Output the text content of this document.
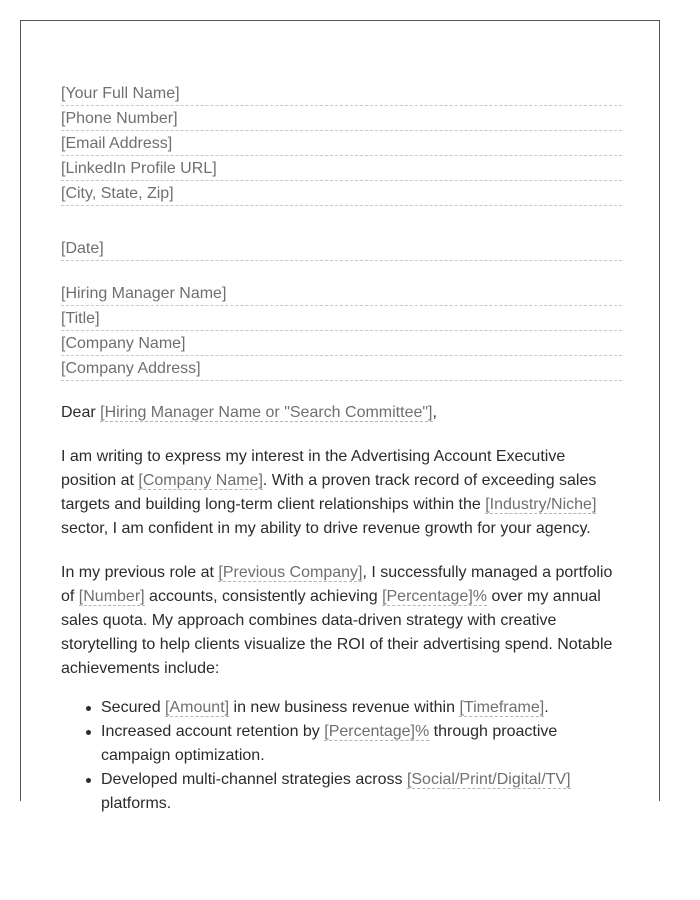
[Your Full Name]
[Phone Number]
[Email Address]
[LinkedIn Profile URL]
[City, State, Zip]
[Date]
[Hiring Manager Name]
[Title]
[Company Name]
[Company Address]

Dear [Hiring Manager Name or "Search Committee"],

I am writing to express my interest in the Advertising Account Executive position at [Company Name]. With a proven track record of exceeding sales targets and building long-term client relationships within the [Industry/Niche] sector, I am confident in my ability to drive revenue growth for your agency.

In my previous role at [Previous Company], I successfully managed a portfolio of [Number] accounts, consistently achieving [Percentage]% over my annual sales quota. My approach combines data-driven strategy with creative storytelling to help clients visualize the ROI of their advertising spend. Notable achievements include:

Secured [Amount] in new business revenue within [Timeframe].
Increased account retention by [Percentage]% through proactive campaign optimization.
Developed multi-channel strategies across [Social/Print/Digital/TV] platforms.
